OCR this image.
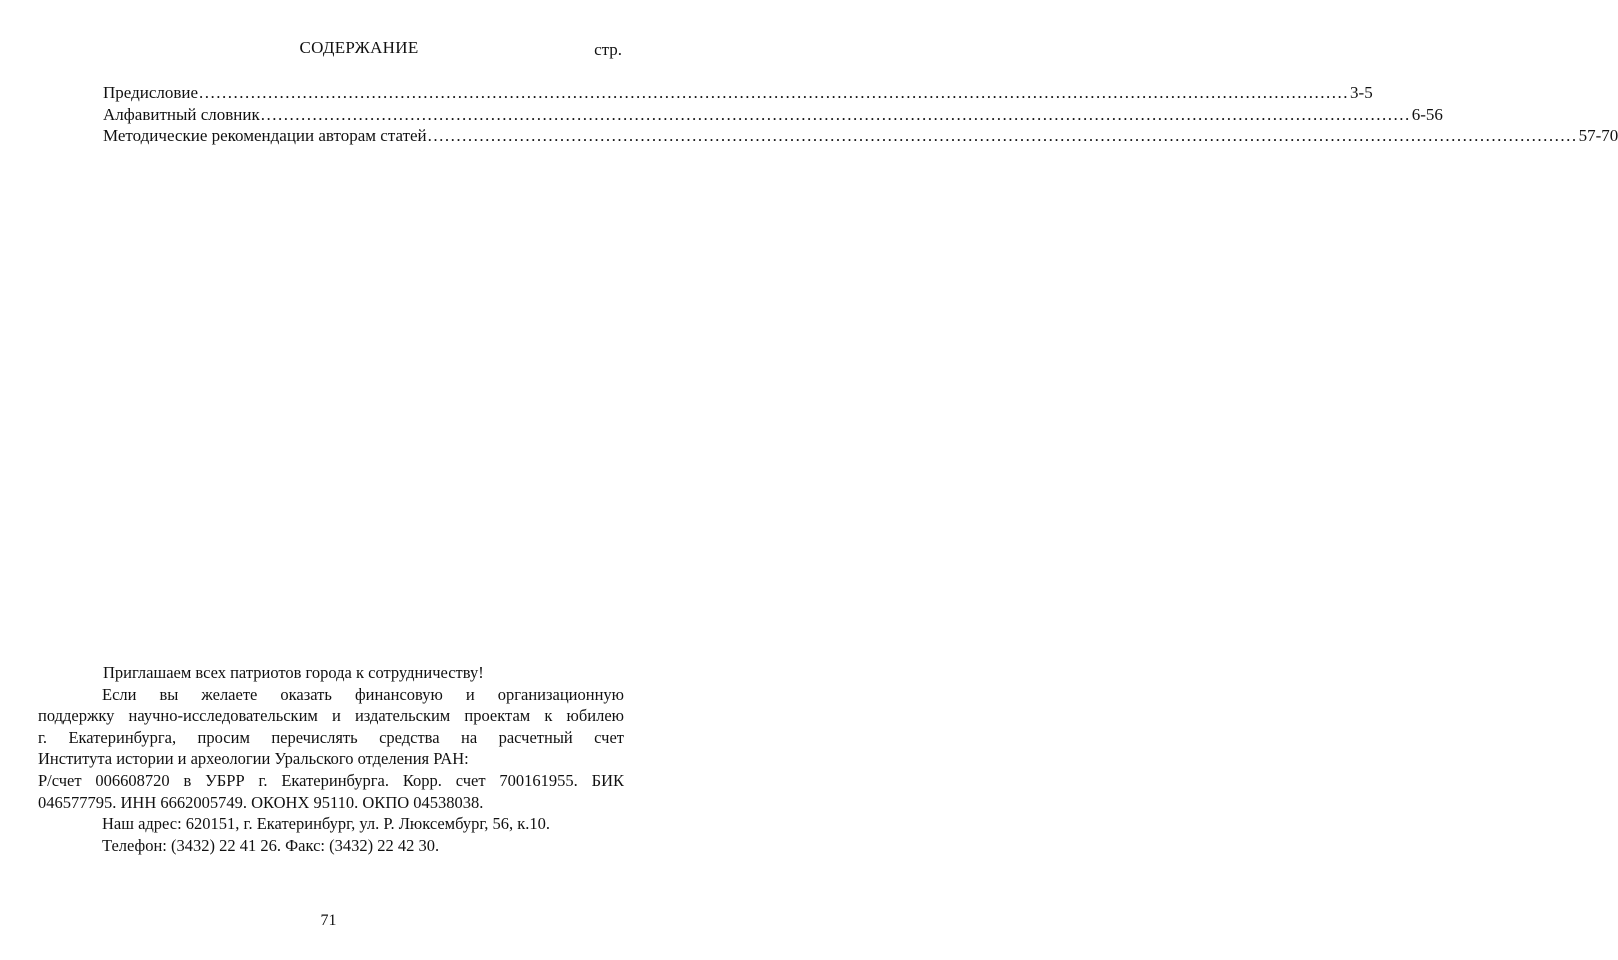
СОДЕРЖАНИЕ	стр.
Предисловие ........................................................................................................................................................................................................ 3-5
Алфавитный словник ........................................................................................................................................................................................................ 6-56
Методические рекомендации авторам статей ........................................................................................................................................................................................................ 57-70

Приглашаем всех патриотов города к сотрудничеству!

Если вы желаете оказать финансовую и организационную

поддержку научно-исследовательским и издательским проектам к юбилею

г. Екатеринбурга, просим перечислять средства на расчетный счет

Института истории и археологии Уральского отделения РАН:

Р/счет 006608720 в УБРР г. Екатеринбурга. Корр. счет 700161955. БИК

046577795. ИНН 6662005749. ОКОНХ 95110. ОКПО 04538038.

Наш адрес: 620151, г. Екатеринбург, ул. Р. Люксембург, 56, к.10.

Телефон: (3432) 22 41 26. Факс: (3432) 22 42 30.

71
